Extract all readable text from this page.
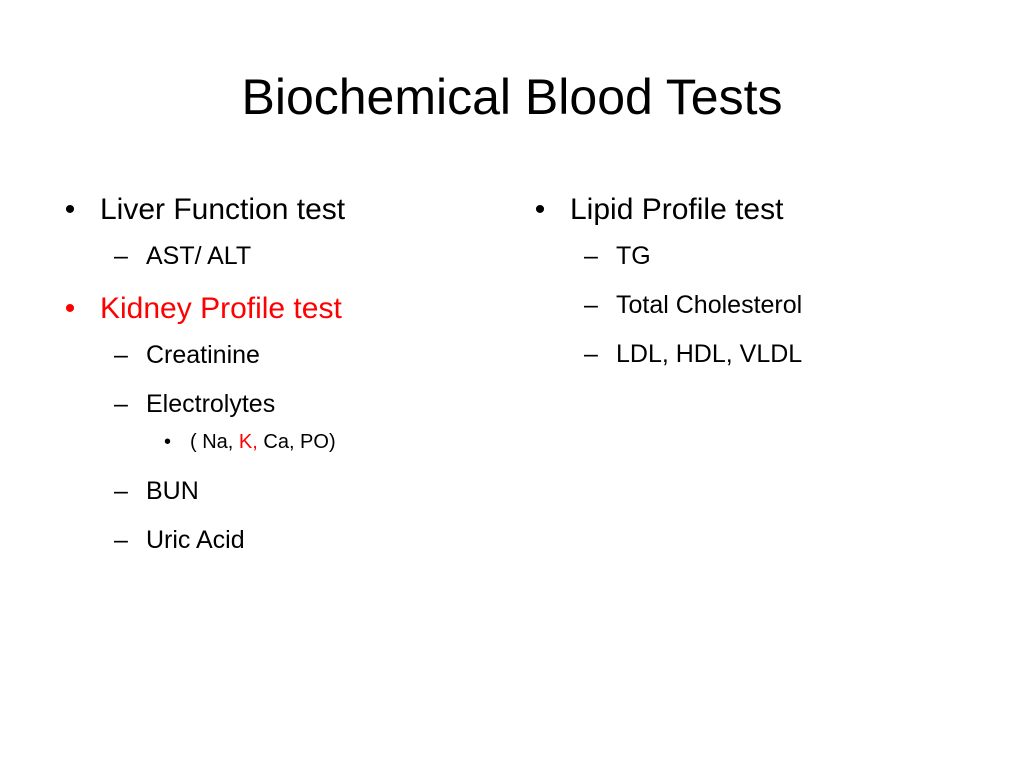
Biochemical Blood Tests
• Liver Function test
– AST/ ALT
• Kidney Profile test
– Creatinine
– Electrolytes
• ( Na, K, Ca, PO)
– BUN
– Uric Acid
• Lipid Profile test
– TG
– Total Cholesterol
– LDL, HDL, VLDL
